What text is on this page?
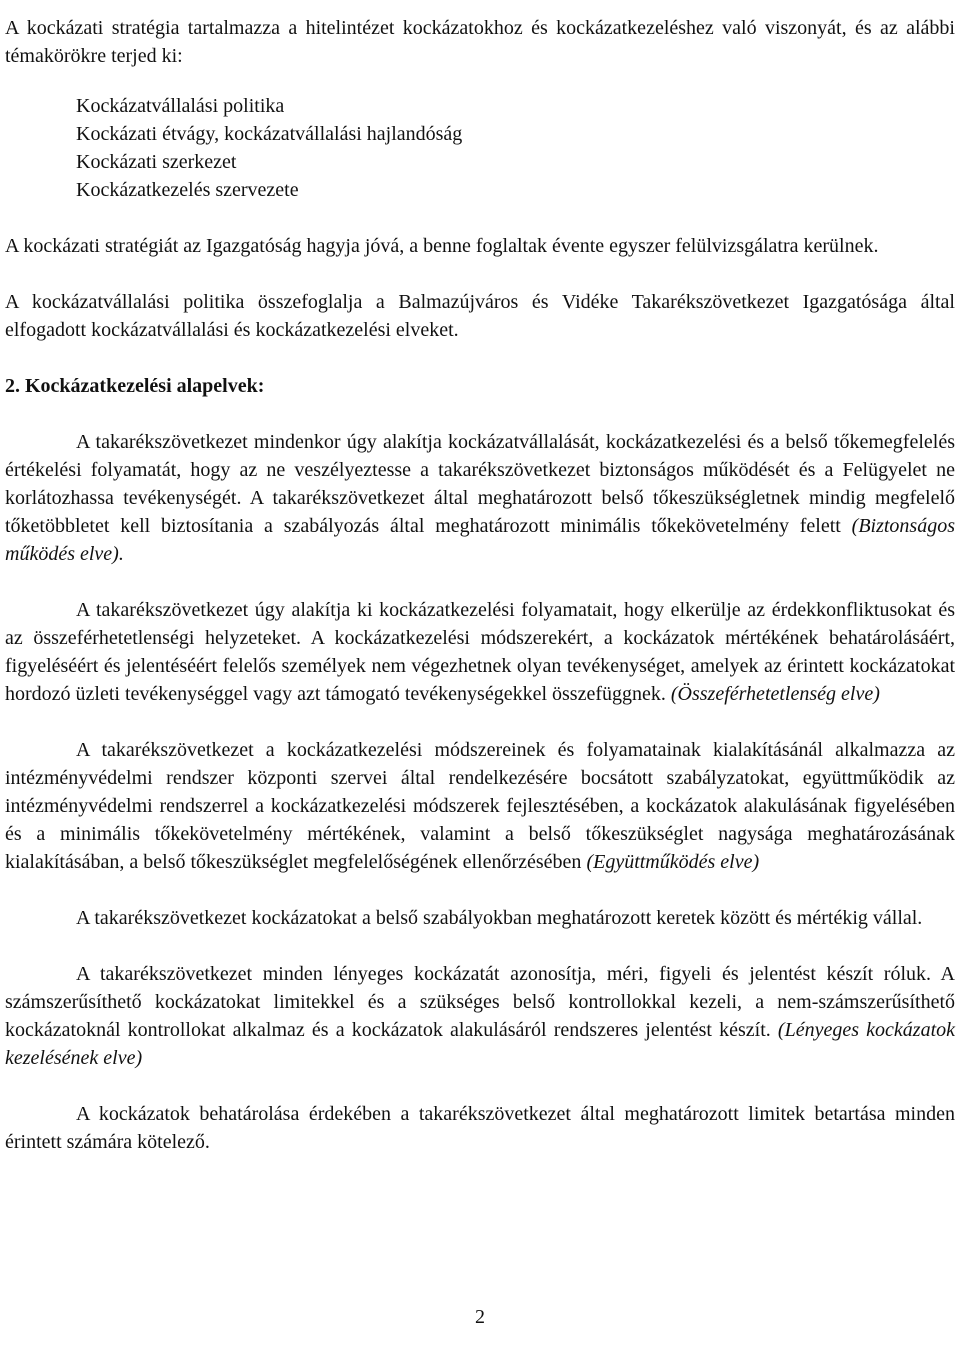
A kockázati stratégia tartalmazza a hitelintézet kockázatokhoz és kockázatkezeléshez való viszonyát, és az alábbi témakörökre terjed ki:

Kockázatvállalási politika
Kockázati étvágy, kockázatvállalási hajlandóság
Kockázati szerkezet
Kockázatkezelés szervezete

A kockázati stratégiát az Igazgatóság hagyja jóvá, a benne foglaltak évente egyszer felülvizsgálatra kerülnek.

A kockázatvállalási politika összefoglalja a Balmazújváros és Vidéke Takarékszövetkezet Igazgatósága által elfogadott kockázatvállalási és kockázatkezelési elveket.

2. Kockázatkezelési alapelvek:

A takarékszövetkezet mindenkor úgy alakítja kockázatvállalását, kockázatkezelési és a belső tőkemegfelelés értékelési folyamatát, hogy az ne veszélyeztesse a takarékszövetkezet biztonságos működését és a Felügyelet ne korlátozhassa tevékenységét. A takarékszövetkezet által meghatározott belső tőkeszükségletnek mindig megfelelő tőketöbbletet kell biztosítania a szabályozás által meghatározott minimális tőkekövetelmény felett (Biztonságos működés elve).

A takarékszövetkezet úgy alakítja ki kockázatkezelési folyamatait, hogy elkerülje az érdekkonfliktusokat és az összeférhetetlenségi helyzeteket. A kockázatkezelési módszerekért, a kockázatok mértékének behatárolásáért, figyeléséért és jelentéséért felelős személyek nem végezhetnek olyan tevékenységet, amelyek az érintett kockázatokat hordozó üzleti tevékenységgel vagy azt támogató tevékenységekkel összefüggnek. (Összeférhetetlenség elve)

A takarékszövetkezet a kockázatkezelési módszereinek és folyamatainak kialakításánál alkalmazza az intézményvédelmi rendszer központi szervei által rendelkezésére bocsátott szabályzatokat, együttműködik az intézményvédelmi rendszerrel a kockázatkezelési módszerek fejlesztésében, a kockázatok alakulásának figyelésében és a minimális tőkekövetelmény mértékének, valamint a belső tőkeszükséglet nagysága meghatározásának kialakításában, a belső tőkeszükséglet megfelelőségének ellenőrzésében (Együttműködés elve)

A takarékszövetkezet kockázatokat a belső szabályokban meghatározott keretek között és mértékig vállal.

A takarékszövetkezet minden lényeges kockázatát azonosítja, méri, figyeli és jelentést készít róluk. A számszerűsíthető kockázatokat limitekkel és a szükséges belső kontrollokkal kezeli, a nem-számszerűsíthető kockázatoknál kontrollokat alkalmaz és a kockázatok alakulásáról rendszeres jelentést készít. (Lényeges kockázatok kezelésének elve)

A kockázatok behatárolása érdekében a takarékszövetkezet által meghatározott limitek betartása minden érintett számára kötelező.

2
